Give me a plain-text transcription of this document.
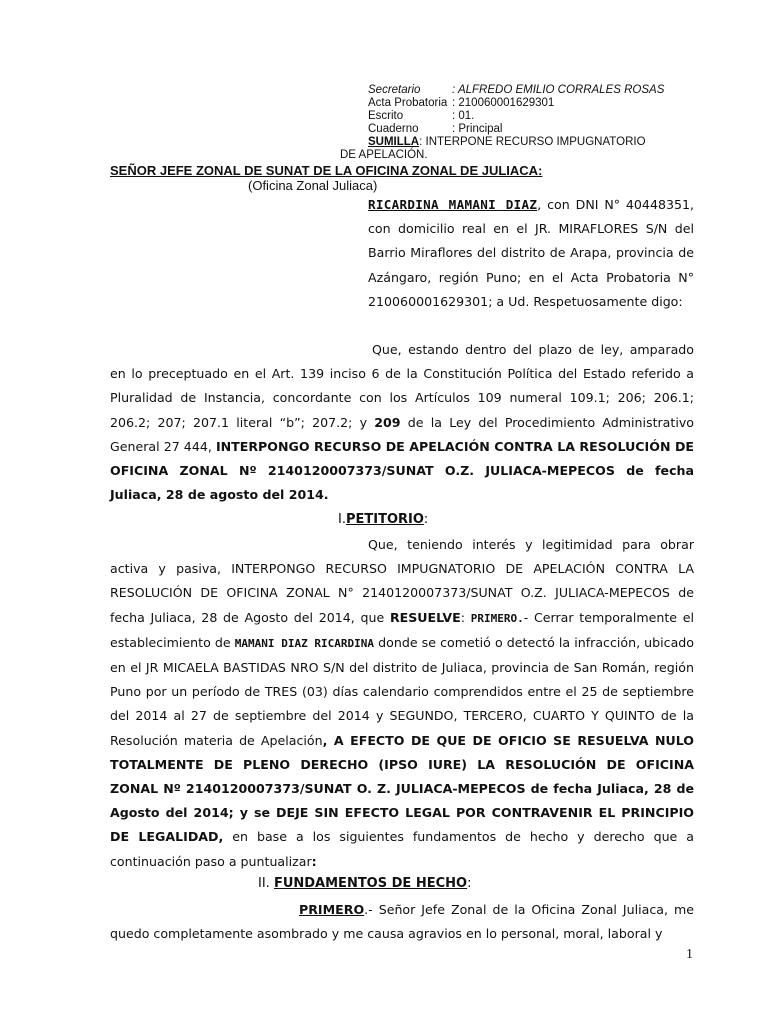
Secretario	: ALFREDO EMILIO CORRALES ROSAS
Acta Probatoria : 210060001629301
Escrito	: 01.
Cuaderno	: Principal
SUMILLA: INTERPONE RECURSO IMPUGNATORIO
DE APELACIÓN.
SEÑOR JEFE ZONAL DE SUNAT DE LA OFICINA ZONAL DE JULIACA:
(Oficina Zonal Juliaca)
RICARDINA MAMANI DIAZ, con DNI N° 40448351, con domicilio real en el JR. MIRAFLORES S/N del Barrio Miraflores del distrito de Arapa, provincia de Azángaro, región Puno; en el Acta Probatoria N° 210060001629301; a Ud. Respetuosamente digo:
Que, estando dentro del plazo de ley, amparado en lo preceptuado en el Art. 139 inciso 6 de la Constitución Política del Estado referido a Pluralidad de Instancia, concordante con los Artículos 109 numeral 109.1; 206; 206.1; 206.2; 207; 207.1 literal “b”; 207.2; y 209 de la Ley del Procedimiento Administrativo General 27 444, INTERPONGO RECURSO DE APELACIÓN CONTRA LA RESOLUCIÓN DE OFICINA ZONAL Nº 2140120007373/SUNAT O.Z. JULIACA-MEPECOS de fecha Juliaca, 28 de agosto del 2014.
I.PETITORIO:
Que, teniendo interés y legitimidad para obrar activa y pasiva, INTERPONGO RECURSO IMPUGNATORIO DE APELACIÓN CONTRA LA RESOLUCIÓN DE OFICINA ZONAL N° 2140120007373/SUNAT O.Z. JULIACA-MEPECOS de fecha Juliaca, 28 de Agosto del 2014, que RESUELVE: PRIMERO.- Cerrar temporalmente el establecimiento de MAMANI DIAZ RICARDINA donde se cometió o detectó la infracción, ubicado en el JR MICAELA BASTIDAS NRO S/N del distrito de Juliaca, provincia de San Román, región Puno por un período de TRES (03) días calendario comprendidos entre el 25 de septiembre del 2014 al 27 de septiembre del 2014 y SEGUNDO, TERCERO, CUARTO Y QUINTO de la Resolución materia de Apelación, A EFECTO DE QUE DE OFICIO SE RESUELVA NULO TOTALMENTE DE PLENO DERECHO (IPSO IURE) LA RESOLUCIÓN DE OFICINA ZONAL Nº 2140120007373/SUNAT O. Z. JULIACA-MEPECOS de fecha Juliaca, 28 de Agosto del 2014; y se DEJE SIN EFECTO LEGAL POR CONTRAVENIR EL PRINCIPIO DE LEGALIDAD, en base a los siguientes fundamentos de hecho y derecho que a continuación paso a puntualizar:
II. FUNDAMENTOS DE HECHO:
PRIMERO.- Señor Jefe Zonal de la Oficina Zonal Juliaca, me quedo completamente asombrado y me causa agravios en lo personal, moral, laboral y
1
